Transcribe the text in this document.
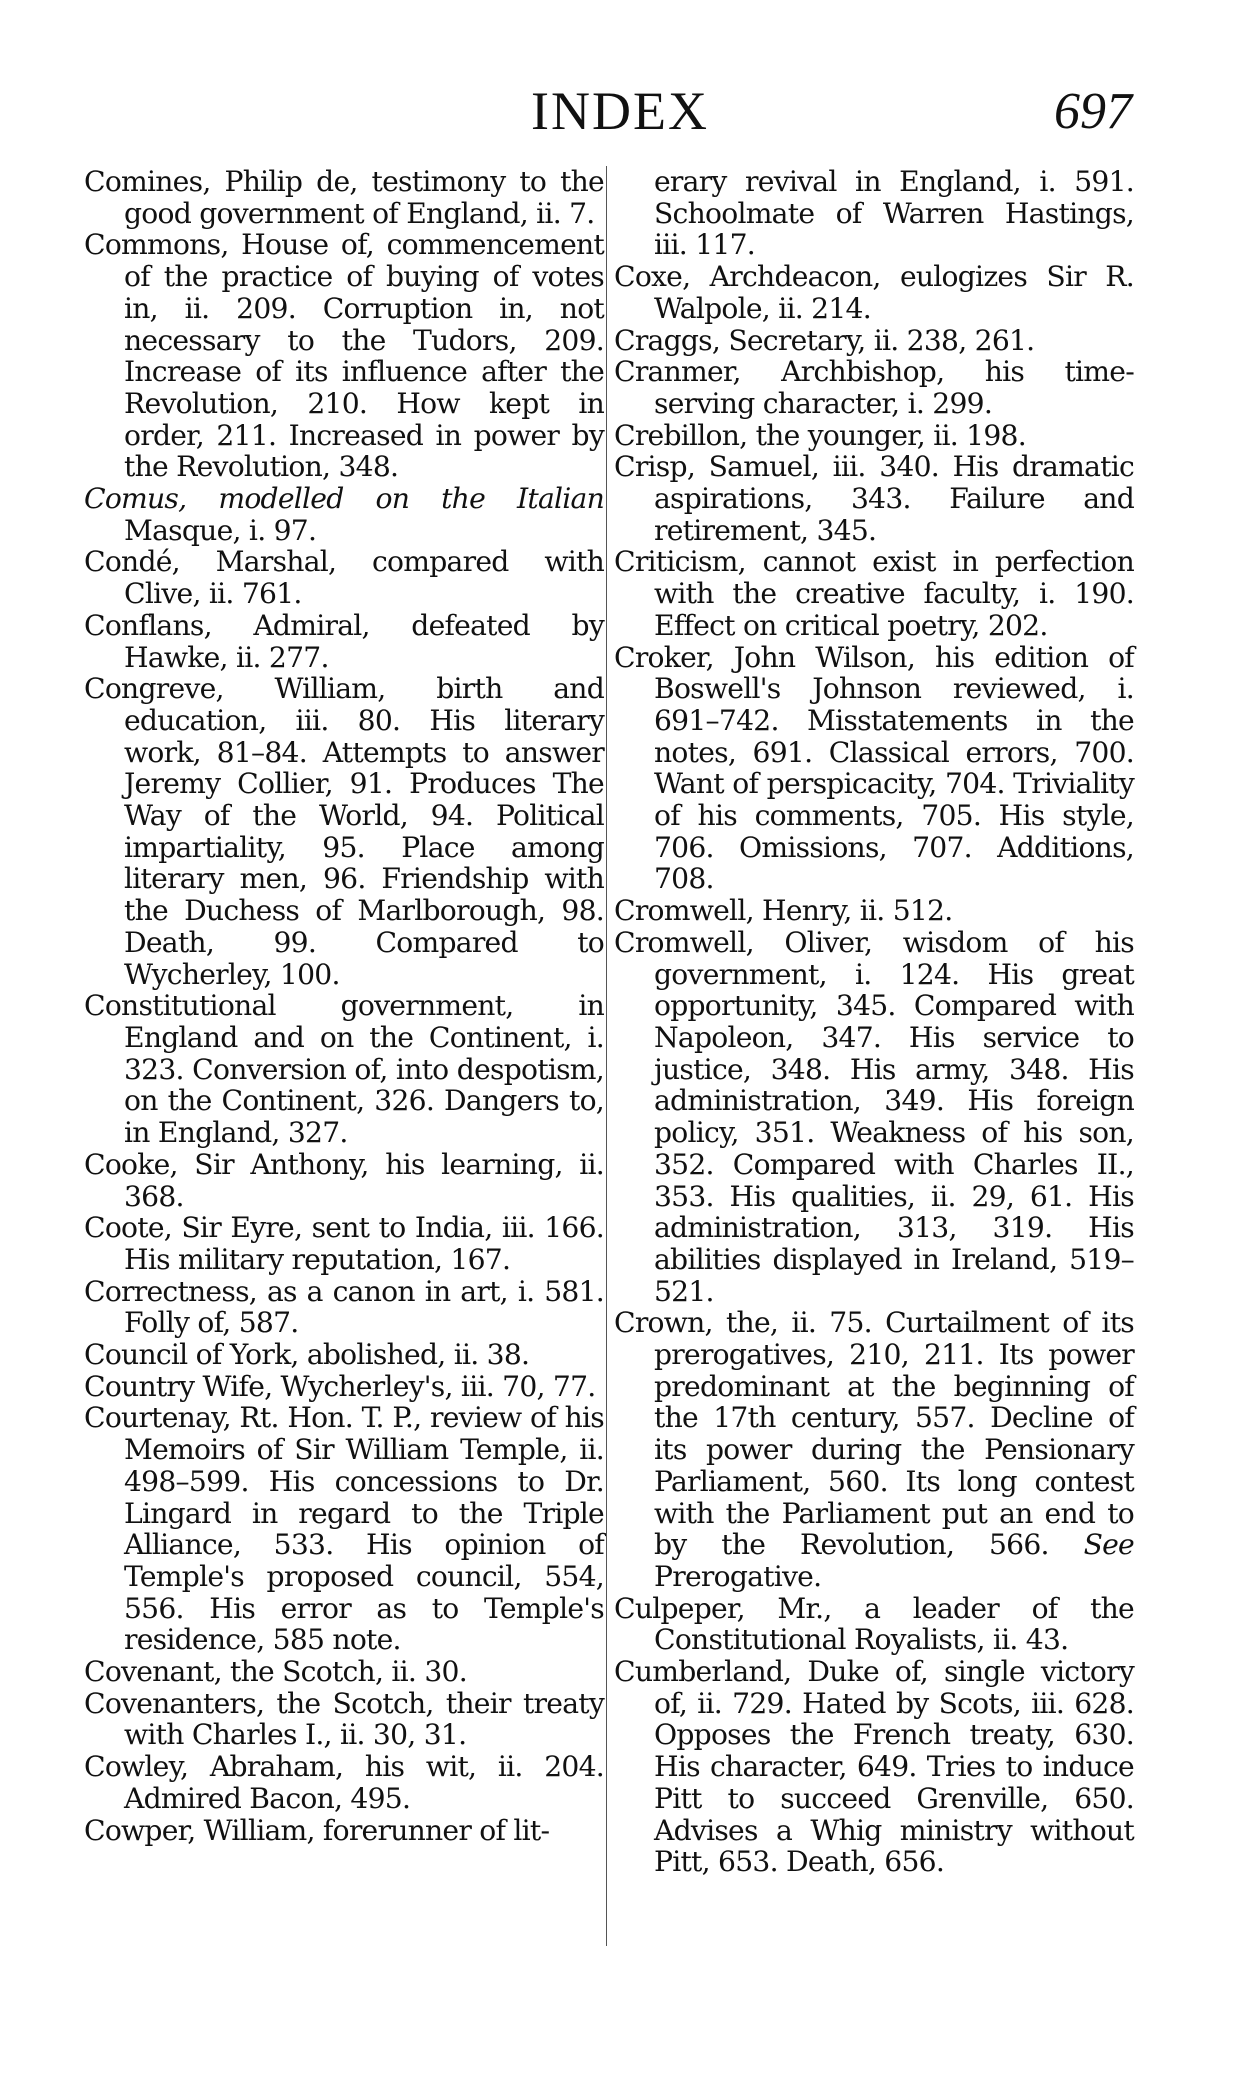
INDEX	697

Comines, Philip de, testimony to the good government of England, ii. 7.

Commons, House of, commencement of the practice of buying of votes in, ii. 209. Corruption in, not necessary to the Tudors, 209. Increase of its influence after the Revolution, 210. How kept in order, 211. Increased in power by the Revolution, 348.

Comus, modelled on the Italian Masque, i. 97.

Condé, Marshal, compared with Clive, ii. 761.

Conflans, Admiral, defeated by Hawke, ii. 277.

Congreve, William, birth and education, iii. 80. His literary work, 81–84. Attempts to answer Jeremy Collier, 91. Produces The Way of the World, 94. Political impartiality, 95. Place among literary men, 96. Friendship with the Duchess of Marlborough, 98. Death, 99. Compared to Wycherley, 100.

Constitutional government, in England and on the Continent, i. 323. Conversion of, into despotism, on the Continent, 326. Dangers to, in England, 327.

Cooke, Sir Anthony, his learning, ii. 368.

Coote, Sir Eyre, sent to India, iii. 166. His military reputation, 167.

Correctness, as a canon in art, i. 581. Folly of, 587.

Council of York, abolished, ii. 38.

Country Wife, Wycherley's, iii. 70, 77.

Courtenay, Rt. Hon. T. P., review of his Memoirs of Sir William Temple, ii. 498–599. His concessions to Dr. Lingard in regard to the Triple Alliance, 533. His opinion of Temple's proposed council, 554, 556. His error as to Temple's residence, 585 note.

Covenant, the Scotch, ii. 30.

Covenanters, the Scotch, their treaty with Charles I., ii. 30, 31.

Cowley, Abraham, his wit, ii. 204. Admired Bacon, 495.

Cowper, William, forerunner of lit-

erary revival in England, i. 591. Schoolmate of Warren Hastings, iii. 117.

Coxe, Archdeacon, eulogizes Sir R. Walpole, ii. 214.

Craggs, Secretary, ii. 238, 261.

Cranmer, Archbishop, his time-serving character, i. 299.

Crebillon, the younger, ii. 198.

Crisp, Samuel, iii. 340. His dramatic aspirations, 343. Failure and retirement, 345.

Criticism, cannot exist in perfection with the creative faculty, i. 190. Effect on critical poetry, 202.

Croker, John Wilson, his edition of Boswell's Johnson reviewed, i. 691–742. Misstatements in the notes, 691. Classical errors, 700. Want of perspicacity, 704. Triviality of his comments, 705. His style, 706. Omissions, 707. Additions, 708.

Cromwell, Henry, ii. 512.

Cromwell, Oliver, wisdom of his government, i. 124. His great opportunity, 345. Compared with Napoleon, 347. His service to justice, 348. His army, 348. His administration, 349. His foreign policy, 351. Weakness of his son, 352. Compared with Charles II., 353. His qualities, ii. 29, 61. His administration, 313, 319. His abilities displayed in Ireland, 519–521.

Crown, the, ii. 75. Curtailment of its prerogatives, 210, 211. Its power predominant at the beginning of the 17th century, 557. Decline of its power during the Pensionary Parliament, 560. Its long contest with the Parliament put an end to by the Revolution, 566. See Prerogative.

Culpeper, Mr., a leader of the Constitutional Royalists, ii. 43.

Cumberland, Duke of, single victory of, ii. 729. Hated by Scots, iii. 628. Opposes the French treaty, 630. His character, 649. Tries to induce Pitt to succeed Grenville, 650. Advises a Whig ministry without Pitt, 653. Death, 656.
